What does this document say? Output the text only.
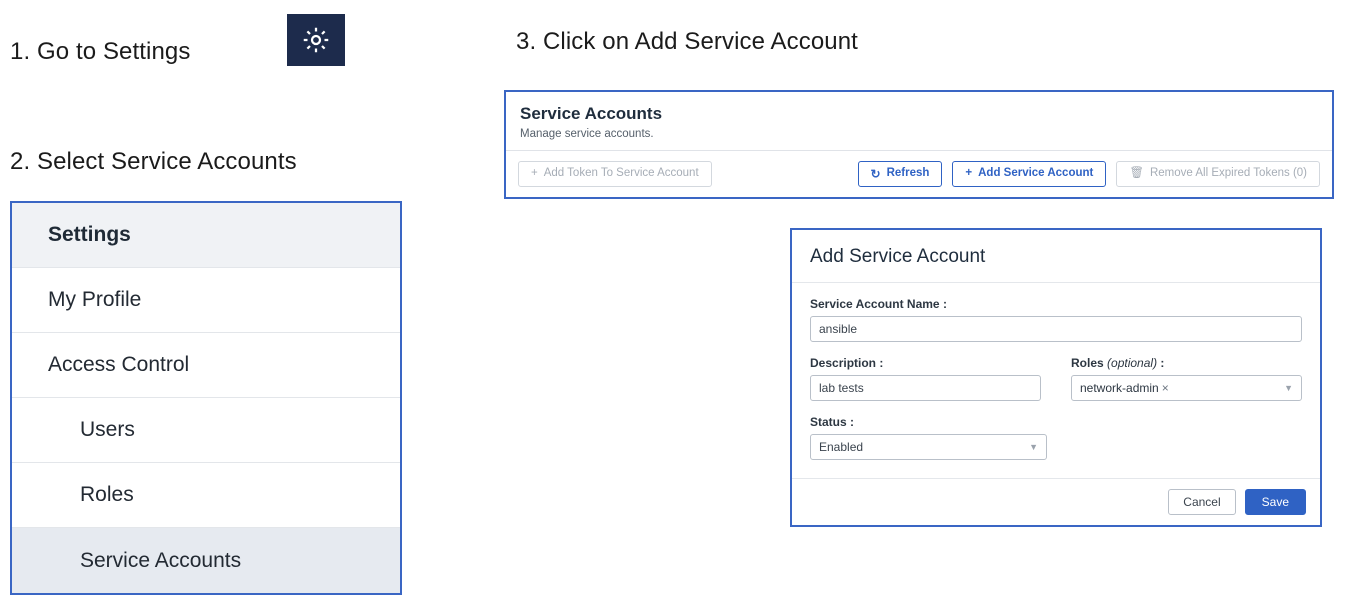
1. Go to Settings
2. Select Service Accounts
Settings
My Profile
Access Control
Users
Roles
Service Accounts
3. Click on Add Service Account
Service Accounts
Manage service accounts.
+ Add Token To Service Account	↻ Refresh	+ Add Service Account	🗑 Remove All Expired Tokens (0)
Add Service Account
Service Account Name :
ansible
Description :
lab tests
Roles (optional) :
network-admin ×	▼
Status :
Enabled	▼
Cancel	Save
